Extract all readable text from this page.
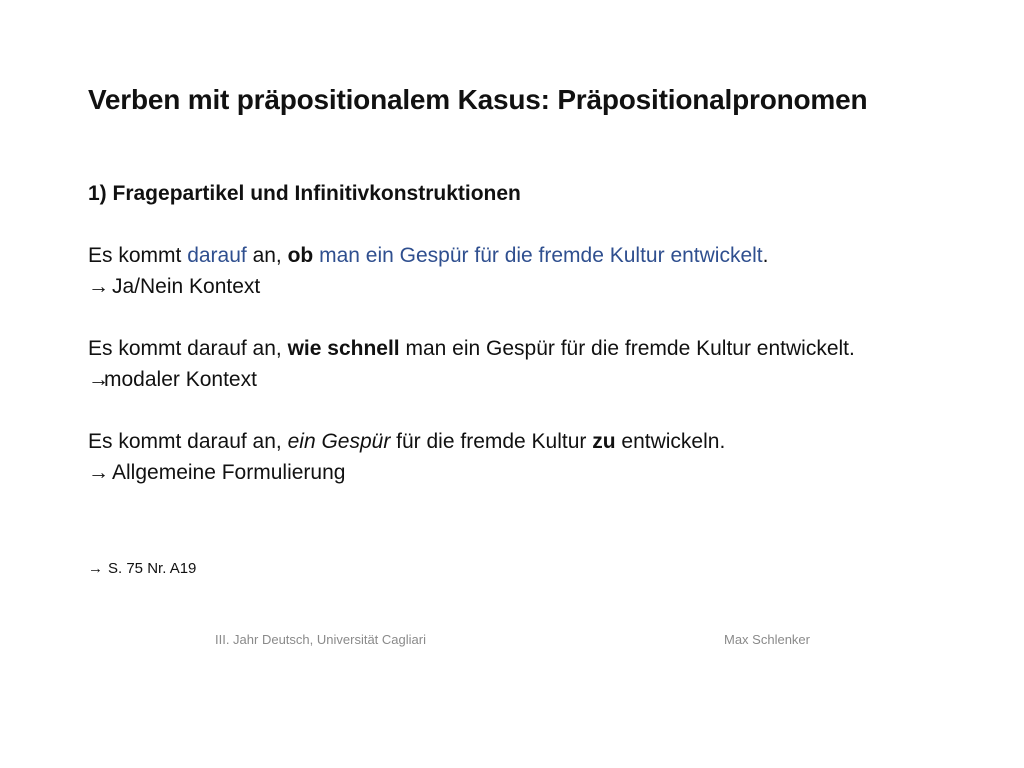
Verben mit präpositionalem Kasus: Präpositionalpronomen
1) Fragepartikel und Infinitivkonstruktionen
Es kommt darauf an, ob man ein Gespür für die fremde Kultur entwickelt.
→ Ja/Nein Kontext
Es kommt darauf an, wie schnell man ein Gespür für die fremde Kultur entwickelt.
→modaler Kontext
Es kommt darauf an, ein Gespür für die fremde Kultur zu entwickeln.
→ Allgemeine Formulierung
→ S. 75 Nr. A19
III. Jahr Deutsch, Universität Cagliari	Max Schlenker
